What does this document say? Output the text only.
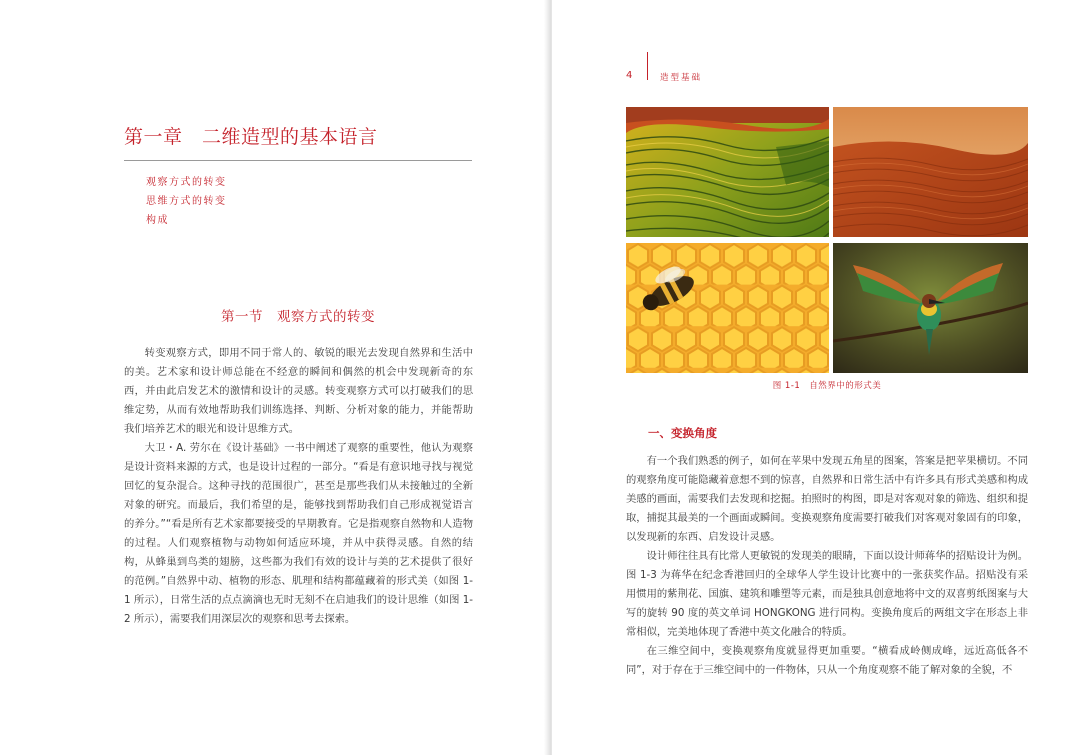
第一章　二维造型的基本语言
观察方式的转变
思维方式的转变
构成
第一节　观察方式的转变

转变观察方式，即用不同于常人的、敏锐的眼光去发现自然界和生活中的美。艺术家和设计师总能在不经意的瞬间和偶然的机会中发现新奇的东西，并由此启发艺术的激情和设计的灵感。转变观察方式可以打破我们的思维定势，从而有效地帮助我们训练选择、判断、分析对象的能力，并能帮助我们培养艺术的眼光和设计思维方式。

大卫・A. 劳尔在《设计基础》一书中阐述了观察的重要性，他认为观察是设计资料来源的方式，也是设计过程的一部分。“看是有意识地寻找与视觉回忆的复杂混合。这种寻找的范围很广，甚至是那些我们从未接触过的全新对象的研究。而最后，我们希望的是，能够找到帮助我们自己形成视觉语言的养分。”“看是所有艺术家都要接受的早期教育。它是指观察自然物和人造物的过程。人们观察植物与动物如何适应环境，并从中获得灵感。自然的结构，从蜂巢到鸟类的翅膀，这些都为我们有效的设计与美的艺术提供了很好的范例。”自然界中动、植物的形态、肌理和结构都蕴藏着的形式美（如图 1-1 所示），日常生活的点点滴滴也无时无刻不在启迪我们的设计思维（如图 1-2 所示），需要我们用深层次的观察和思考去探索。

4	造型基础
图 1-1　自然界中的形式美
一、变换角度

有一个我们熟悉的例子，如何在苹果中发现五角星的图案，答案是把苹果横切。不同的观察角度可能隐藏着意想不到的惊喜，自然界和日常生活中有许多具有形式美感和构成美感的画面，需要我们去发现和挖掘。拍照时的构图，即是对客观对象的筛选、组织和提取，捕捉其最美的一个画面或瞬间。变换观察角度需要打破我们对客观对象固有的印象，以发现新的东西、启发设计灵感。

设计师往往具有比常人更敏锐的发现美的眼睛，下面以设计师蒋华的招贴设计为例。图 1-3 为蒋华在纪念香港回归的全球华人学生设计比赛中的一张获奖作品。招贴没有采用惯用的紫荆花、国旗、建筑和雕塑等元素，而是独具创意地将中文的双喜剪纸图案与大写的旋转 90 度的英文单词 HONGKONG 进行同构。变换角度后的两组文字在形态上非常相似，完美地体现了香港中英文化融合的特质。

在三维空间中，变换观察角度就显得更加重要。“横看成岭侧成峰，远近高低各不同”，对于存在于三维空间中的一件物体，只从一个角度观察不能了解对象的全貌，不
